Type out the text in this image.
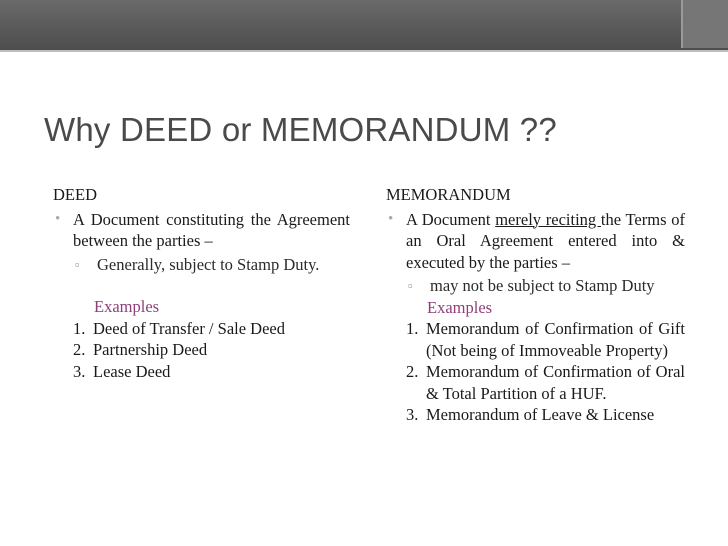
Why DEED or MEMORANDUM ??
DEED
• A Document constituting the Agreement between the parties –
▫ Generally, subject to Stamp Duty.
Examples
1. Deed of Transfer / Sale Deed
2. Partnership Deed
3. Lease Deed
MEMORANDUM
• A Document merely reciting the Terms of an Oral Agreement entered into & executed by the parties –
▫ may not be subject to Stamp Duty
Examples
1. Memorandum of Confirmation of Gift (Not being of Immoveable Property)
2. Memorandum of Confirmation of Oral & Total Partition of a HUF.
3. Memorandum of Leave & License
